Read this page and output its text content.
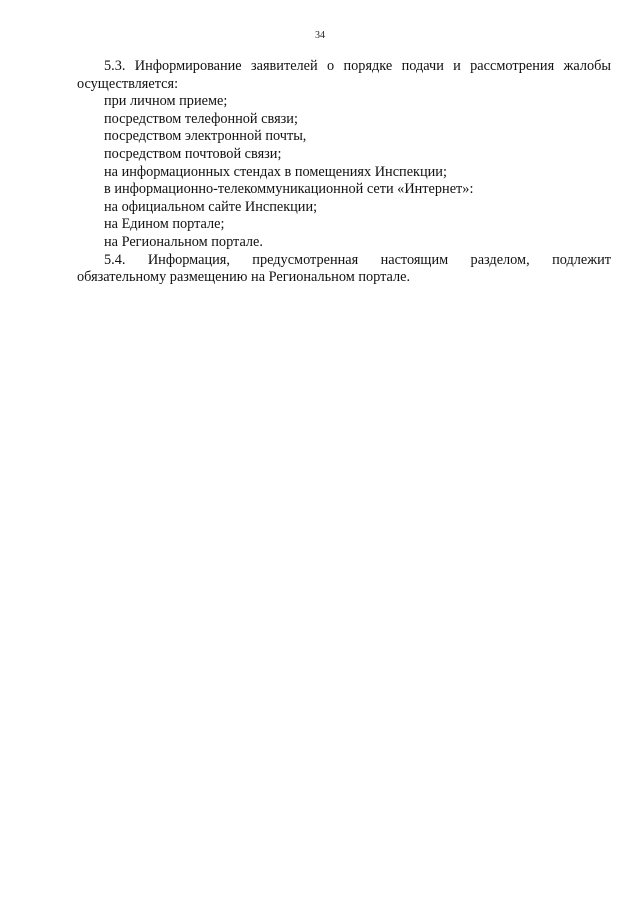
34
5.3. Информирование заявителей о порядке подачи и рассмотрения жалобы
осуществляется:
при личном приеме;
посредством телефонной связи;
посредством электронной почты,
посредством почтовой связи;
на информационных стендах в помещениях Инспекции;
в информационно-телекоммуникационной сети «Интернет»:
на официальном сайте Инспекции;
на Едином портале;
на Региональном портале.
5.4. Информация, предусмотренная настоящим разделом, подлежит
обязательному размещению на Региональном портале.
